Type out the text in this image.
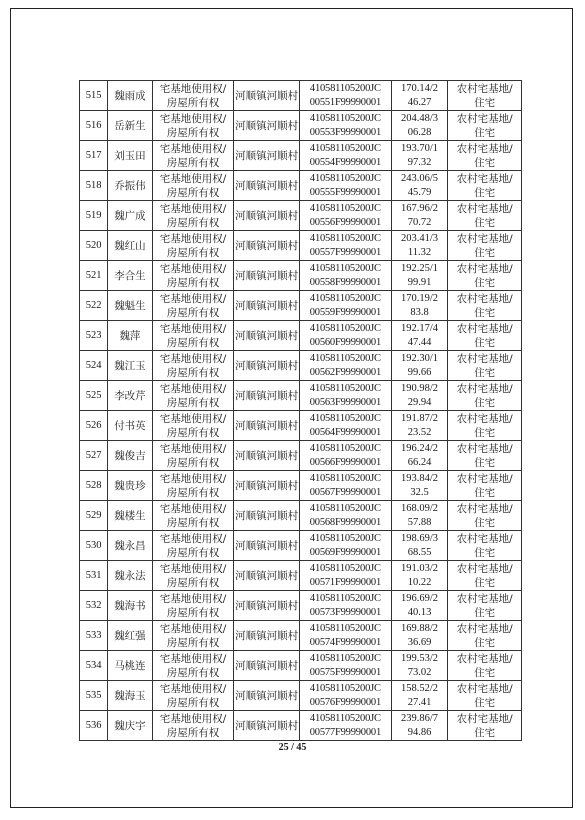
515	魏雨成	宅基地使用权/
房屋所有权	河顺镇河顺村	410581105200JC
00551F99990001	170.14/2
46.27	农村宅基地/
住宅

516	岳新生	宅基地使用权/
房屋所有权	河顺镇河顺村	410581105200JC
00553F99990001	204.48/3
06.28	农村宅基地/
住宅

517	刘玉田	宅基地使用权/
房屋所有权	河顺镇河顺村	410581105200JC
00554F99990001	193.70/1
97.32	农村宅基地/
住宅

518	乔振伟	宅基地使用权/
房屋所有权	河顺镇河顺村	410581105200JC
00555F99990001	243.06/5
45.79	农村宅基地/
住宅

519	魏广成	宅基地使用权/
房屋所有权	河顺镇河顺村	410581105200JC
00556F99990001	167.96/2
70.72	农村宅基地/
住宅

520	魏红山	宅基地使用权/
房屋所有权	河顺镇河顺村	410581105200JC
00557F99990001	203.41/3
11.32	农村宅基地/
住宅

521	李合生	宅基地使用权/
房屋所有权	河顺镇河顺村	410581105200JC
00558F99990001	192.25/1
99.91	农村宅基地/
住宅

522	魏魁生	宅基地使用权/
房屋所有权	河顺镇河顺村	410581105200JC
00559F99990001	170.19/2
83.8	农村宅基地/
住宅

523	魏萍	宅基地使用权/
房屋所有权	河顺镇河顺村	410581105200JC
00560F99990001	192.17/4
47.44	农村宅基地/
住宅

524	魏江玉	宅基地使用权/
房屋所有权	河顺镇河顺村	410581105200JC
00562F99990001	192.30/1
99.66	农村宅基地/
住宅

525	李改芹	宅基地使用权/
房屋所有权	河顺镇河顺村	410581105200JC
00563F99990001	190.98/2
29.94	农村宅基地/
住宅

526	付书英	宅基地使用权/
房屋所有权	河顺镇河顺村	410581105200JC
00564F99990001	191.87/2
23.52	农村宅基地/
住宅

527	魏俊吉	宅基地使用权/
房屋所有权	河顺镇河顺村	410581105200JC
00566F99990001	196.24/2
66.24	农村宅基地/
住宅

528	魏贵珍	宅基地使用权/
房屋所有权	河顺镇河顺村	410581105200JC
00567F99990001	193.84/2
32.5	农村宅基地/
住宅

529	魏楼生	宅基地使用权/
房屋所有权	河顺镇河顺村	410581105200JC
00568F99990001	168.09/2
57.88	农村宅基地/
住宅

530	魏永昌	宅基地使用权/
房屋所有权	河顺镇河顺村	410581105200JC
00569F99990001	198.69/3
68.55	农村宅基地/
住宅

531	魏永法	宅基地使用权/
房屋所有权	河顺镇河顺村	410581105200JC
00571F99990001	191.03/2
10.22	农村宅基地/
住宅

532	魏海书	宅基地使用权/
房屋所有权	河顺镇河顺村	410581105200JC
00573F99990001	196.69/2
40.13	农村宅基地/
住宅

533	魏红强	宅基地使用权/
房屋所有权	河顺镇河顺村	410581105200JC
00574F99990001	169.88/2
36.69	农村宅基地/
住宅

534	马桃连	宅基地使用权/
房屋所有权	河顺镇河顺村	410581105200JC
00575F99990001	199.53/2
73.02	农村宅基地/
住宅

535	魏海玉	宅基地使用权/
房屋所有权	河顺镇河顺村	410581105200JC
00576F99990001	158.52/2
27.41	农村宅基地/
住宅

536	魏庆宇	宅基地使用权/
房屋所有权	河顺镇河顺村	410581105200JC
00577F99990001	239.86/7
94.86	农村宅基地/
住宅
25 / 45
